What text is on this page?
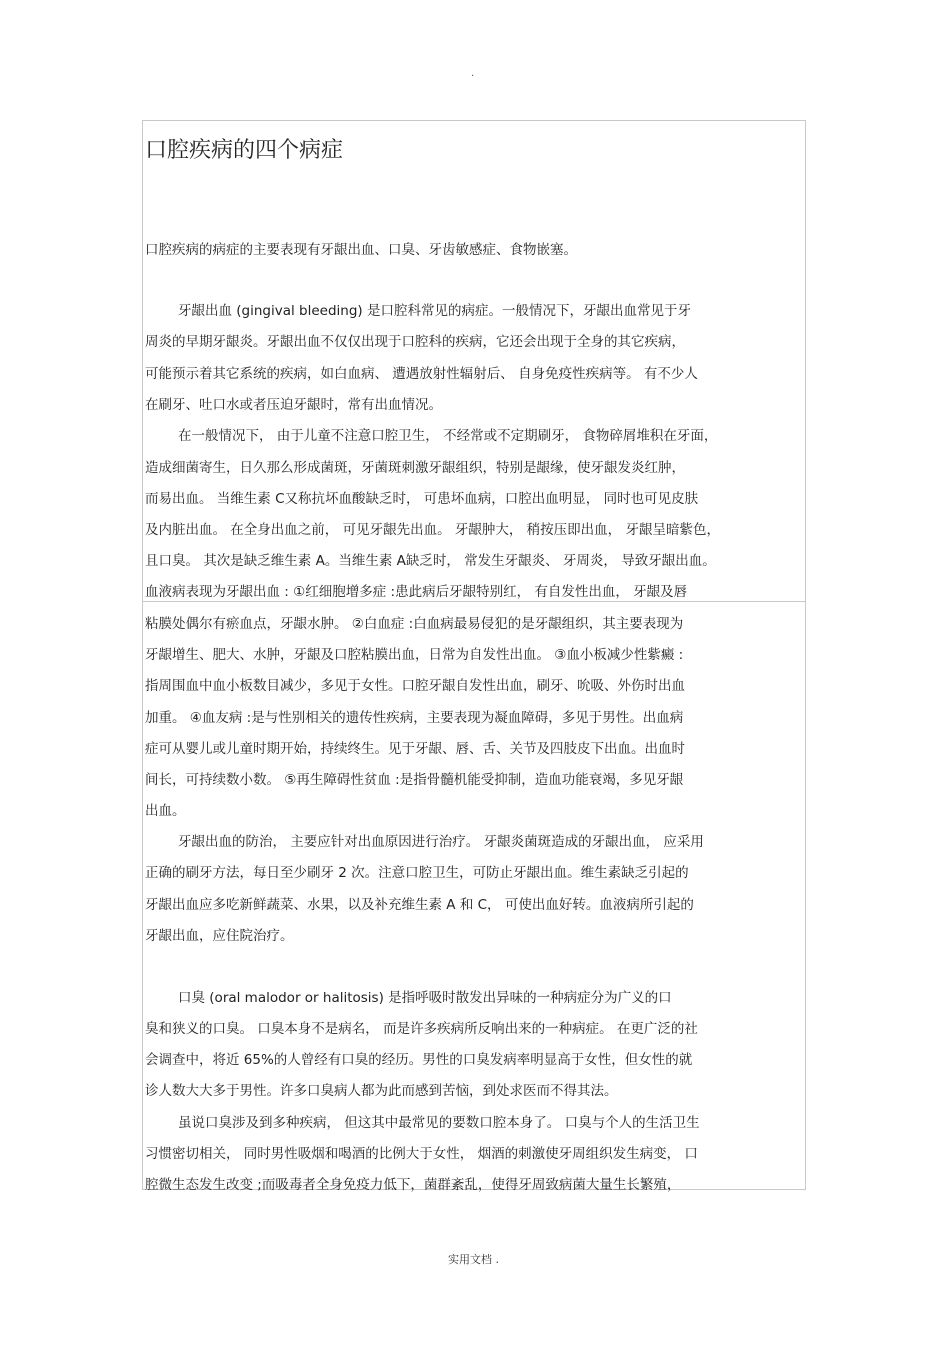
.
口腔疾病的四个病症
口腔疾病的病症的主要表现有牙龈出血、口臭、牙齿敏感症、食物嵌塞。
牙龈出血 (gingival bleeding) 是口腔科常见的病症。一般情况下，牙龈出血常见于牙
周炎的早期牙龈炎。牙龈出血不仅仅出现于口腔科的疾病，它还会出现于全身的其它疾病，
可能预示着其它系统的疾病，如白血病、 遭遇放射性辐射后、 自身免疫性疾病等。 有不少人
在刷牙、吐口水或者压迫牙龈时，常有出血情况。
在一般情况下， 由于儿童不注意口腔卫生， 不经常或不定期刷牙， 食物碎屑堆积在牙面，
造成细菌寄生，日久那么形成菌斑，牙菌斑刺激牙龈组织，特别是龈缘，使牙龈发炎红肿，
而易出血。 当维生素 C又称抗坏血酸缺乏时， 可患坏血病，口腔出血明显， 同时也可见皮肤
及内脏出血。 在全身出血之前， 可见牙龈先出血。 牙龈肿大， 稍按压即出血， 牙龈呈暗紫色，
且口臭。 其次是缺乏维生素 A。当维生素 A缺乏时， 常发生牙龈炎、 牙周炎， 导致牙龈出血。
血液病表现为牙龈出血 : ①红细胞增多症 :患此病后牙龈特别红， 有自发性出血， 牙龈及唇
粘膜处偶尔有瘀血点，牙龈水肿。 ②白血症 :白血病最易侵犯的是牙龈组织，其主要表现为
牙龈增生、肥大、水肿，牙龈及口腔粘膜出血，日常为自发性出血。 ③血小板减少性紫癜 :
指周围血中血小板数目减少，多见于女性。口腔牙龈自发性出血，刷牙、吮吸、外伤时出血
加重。 ④血友病 :是与性别相关的遗传性疾病，主要表现为凝血障碍，多见于男性。出血病
症可从婴儿或儿童时期开始，持续终生。见于牙龈、唇、舌、关节及四肢皮下出血。出血时
间长，可持续数小数。 ⑤再生障碍性贫血 :是指骨髓机能受抑制，造血功能衰竭，多见牙龈
出血。
牙龈出血的防治， 主要应针对出血原因进行治疗。 牙龈炎菌斑造成的牙龈出血， 应采用
正确的刷牙方法，每日至少刷牙 2 次。注意口腔卫生，可防止牙龈出血。维生素缺乏引起的
牙龈出血应多吃新鲜蔬菜、水果，以及补充维生素 A 和 C， 可使出血好转。血液病所引起的
牙龈出血，应住院治疗。
口臭 (oral malodor or halitosis) 是指呼吸时散发出异味的一种病症分为广义的口
臭和狭义的口臭。 口臭本身不是病名， 而是许多疾病所反响出来的一种病症。 在更广泛的社
会调查中，将近 65%的人曾经有口臭的经历。男性的口臭发病率明显高于女性，但女性的就
诊人数大大多于男性。许多口臭病人都为此而感到苦恼，到处求医而不得其法。
虽说口臭涉及到多种疾病， 但这其中最常见的要数口腔本身了。 口臭与个人的生活卫生
习惯密切相关， 同时男性吸烟和喝酒的比例大于女性， 烟酒的刺激使牙周组织发生病变， 口
腔微生态发生改变 ;而吸毒者全身免疫力低下，菌群紊乱，使得牙周致病菌大量生长繁殖，
实用文档 .
